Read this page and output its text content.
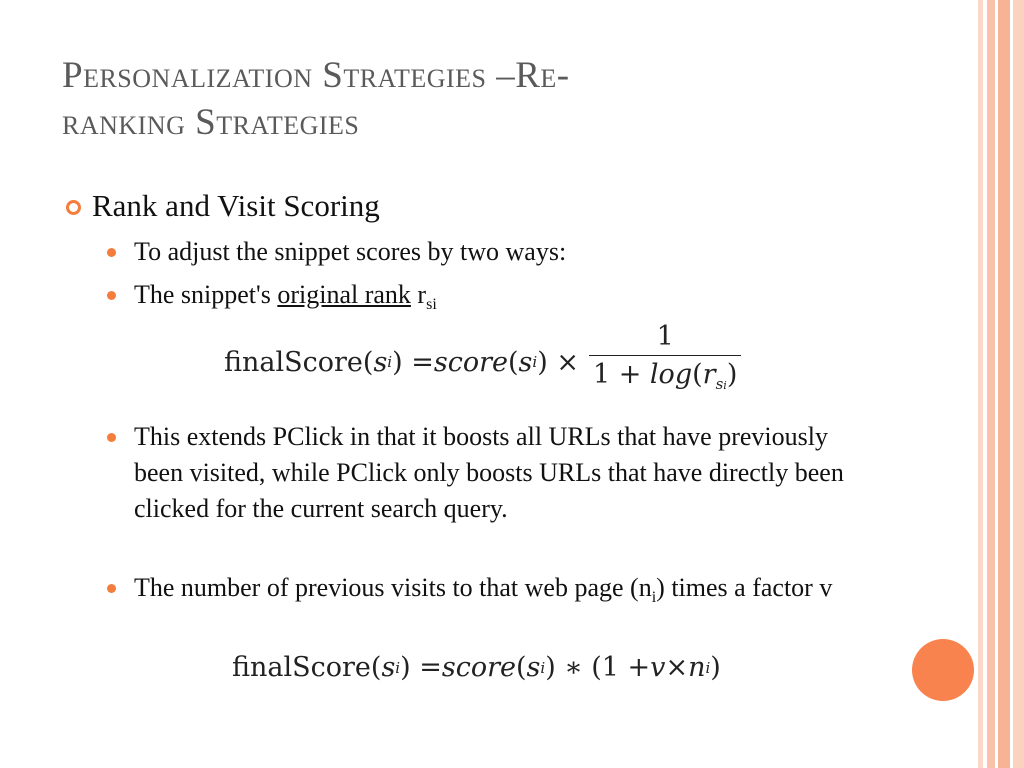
Personalization Strategies –Re-
ranking Strategies
Rank and Visit Scoring
To adjust the snippet scores by two ways:
The snippet's original rank $r_{si}$
finalScore( s i ) = score ( s i ) × $\frac{1}{1 + \log(r_{si})}$
This extends PClick in that it boosts all URLs that have previously been visited, while PClick only boosts URLs that have directly been clicked for the current search query.
The number of previous visits to that web page $(n_i)$ times a factor v
finalScore( s i ) = score ( s i ) ∗ (1 + v × n i )
